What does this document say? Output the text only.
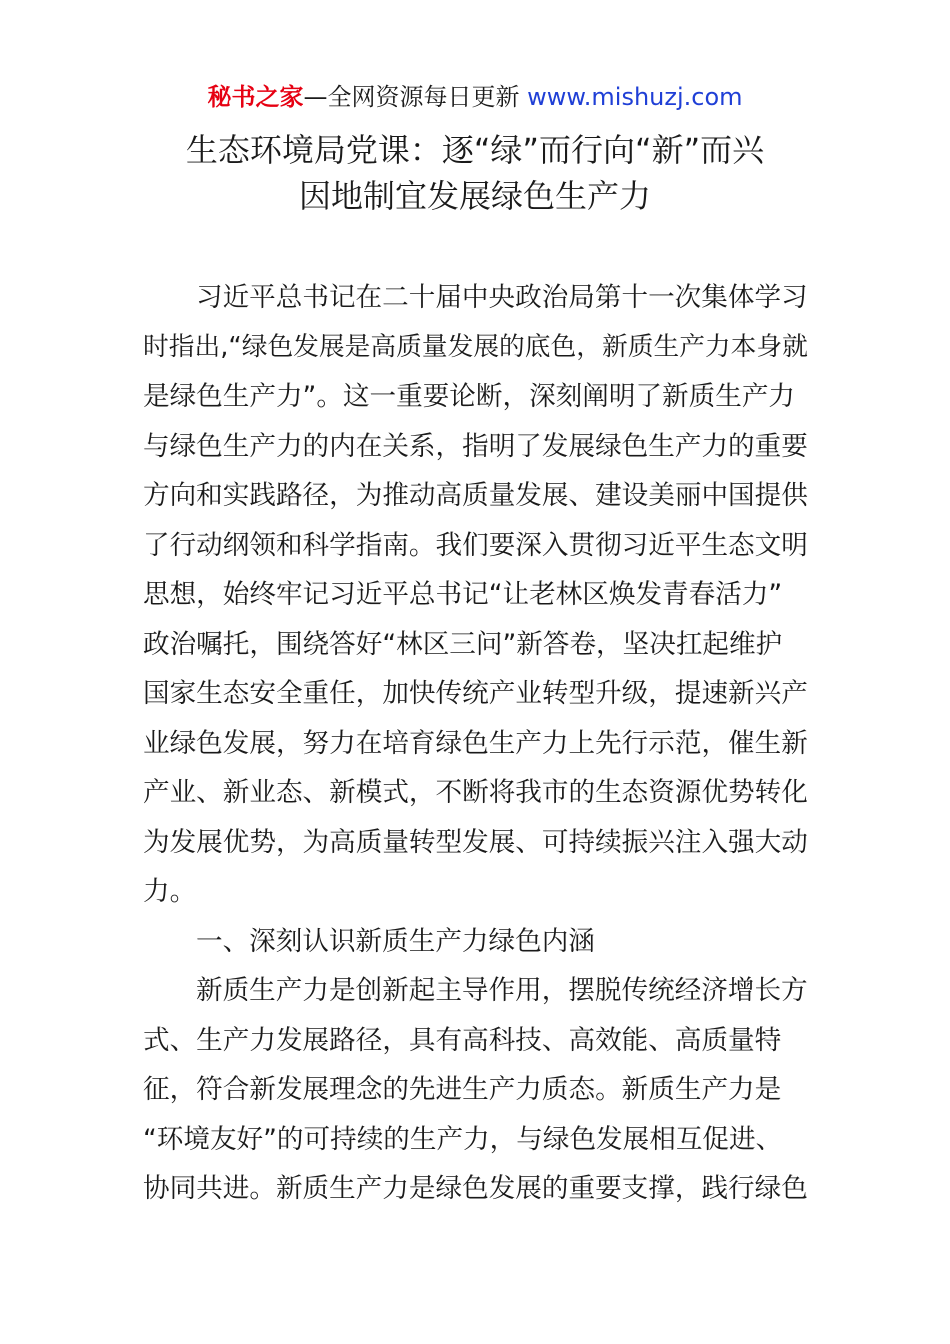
秘书之家—全网资源每日更新 www.mishuzj.com
生态环境局党课：逐“绿”而行向“新”而兴
因地制宜发展绿色生产力
习近平总书记在二十届中央政治局第十一次集体学习
时指出,“绿色发展是高质量发展的底色，新质生产力本身就
是绿色生产力”。这一重要论断，深刻阐明了新质生产力
与绿色生产力的内在关系，指明了发展绿色生产力的重要
方向和实践路径，为推动高质量发展、建设美丽中国提供
了行动纲领和科学指南。我们要深入贯彻习近平生态文明
思想，始终牢记习近平总书记“让老林区焕发青春活力”
政治嘱托，围绕答好“林区三问”新答卷，坚决扛起维护
国家生态安全重任，加快传统产业转型升级，提速新兴产
业绿色发展，努力在培育绿色生产力上先行示范，催生新
产业、新业态、新模式，不断将我市的生态资源优势转化
为发展优势，为高质量转型发展、可持续振兴注入强大动
力。
一、深刻认识新质生产力绿色内涵
新质生产力是创新起主导作用，摆脱传统经济增长方
式、生产力发展路径，具有高科技、高效能、高质量特
征，符合新发展理念的先进生产力质态。新质生产力是
“环境友好”的可持续的生产力，与绿色发展相互促进、
协同共进。新质生产力是绿色发展的重要支撑，践行绿色
